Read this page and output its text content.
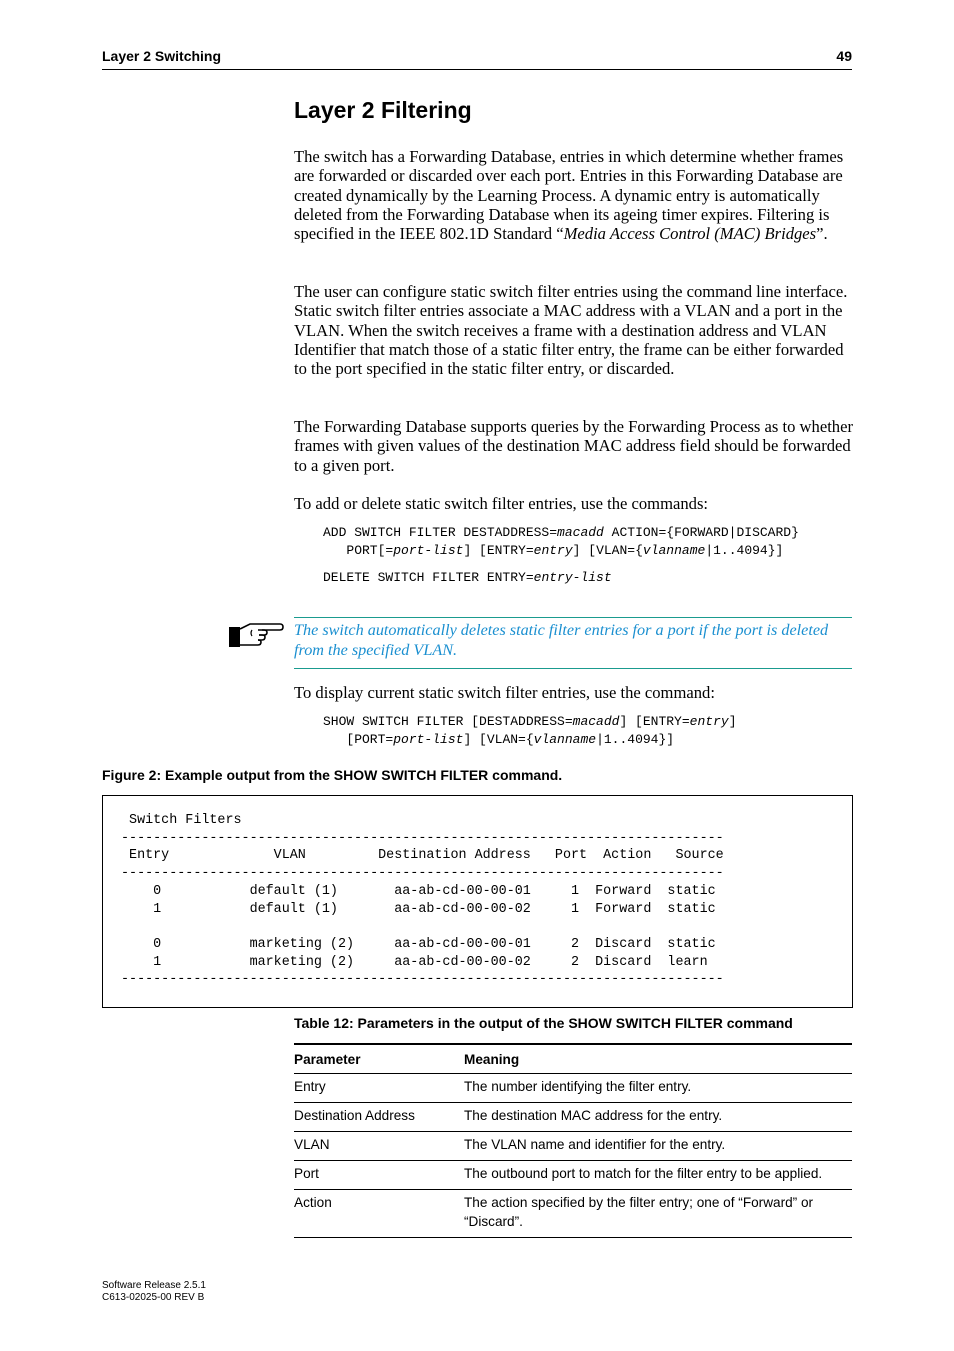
Layer 2 Switching	49
Layer 2 Filtering

The switch has a Forwarding Database, entries in which determine whether frames are forwarded or discarded over each port. Entries in this Forwarding Database are created dynamically by the Learning Process. A dynamic entry is automatically deleted from the Forwarding Database when its ageing timer expires. Filtering is specified in the IEEE 802.1D Standard “Media Access Control (MAC) Bridges”.

The user can configure static switch filter entries using the command line interface. Static switch filter entries associate a MAC address with a VLAN and a port in the VLAN. When the switch receives a frame with a destination address and VLAN Identifier that match those of a static filter entry, the frame can be either forwarded to the port specified in the static filter entry, or discarded.

The Forwarding Database supports queries by the Forwarding Process as to whether frames with given values of the destination MAC address field should be forwarded to a given port.

To add or delete static switch filter entries, use the commands:

ADD SWITCH FILTER DESTADDRESS=macadd ACTION={FORWARD|DISCARD}
PORT[=port-list] [ENTRY=entry] [VLAN={vlanname|1..4094}]
DELETE SWITCH FILTER ENTRY=entry-list
The switch automatically deletes static filter entries for a port if the port is deleted from the specified VLAN.

To display current static switch filter entries, use the command:

SHOW SWITCH FILTER [DESTADDRESS=macadd] [ENTRY=entry]
[PORT=port-list] [VLAN={vlanname|1..4094}]
Figure 2: Example output from the SHOW SWITCH FILTER command.
Switch Filters
---------------------------------------------------------------------------
Entry             VLAN         Destination Address   Port  Action   Source
---------------------------------------------------------------------------
0           default (1)       aa-ab-cd-00-00-01     1  Forward  static
1           default (1)       aa-ab-cd-00-00-02     1  Forward  static

0           marketing (2)     aa-ab-cd-00-00-01     2  Discard  static
1           marketing (2)     aa-ab-cd-00-00-02     2  Discard  learn
---------------------------------------------------------------------------
Table 12: Parameters in the output of the SHOW SWITCH FILTER command
Parameter	Meaning
Entry	The number identifying the filter entry.
Destination Address	The destination MAC address for the entry.
VLAN	The VLAN name and identifier for the entry.
Port	The outbound port to match for the filter entry to be applied.
Action	The action specified by the filter entry; one of “Forward” or “Discard”.
Software Release 2.5.1
C613-02025-00 REV B
